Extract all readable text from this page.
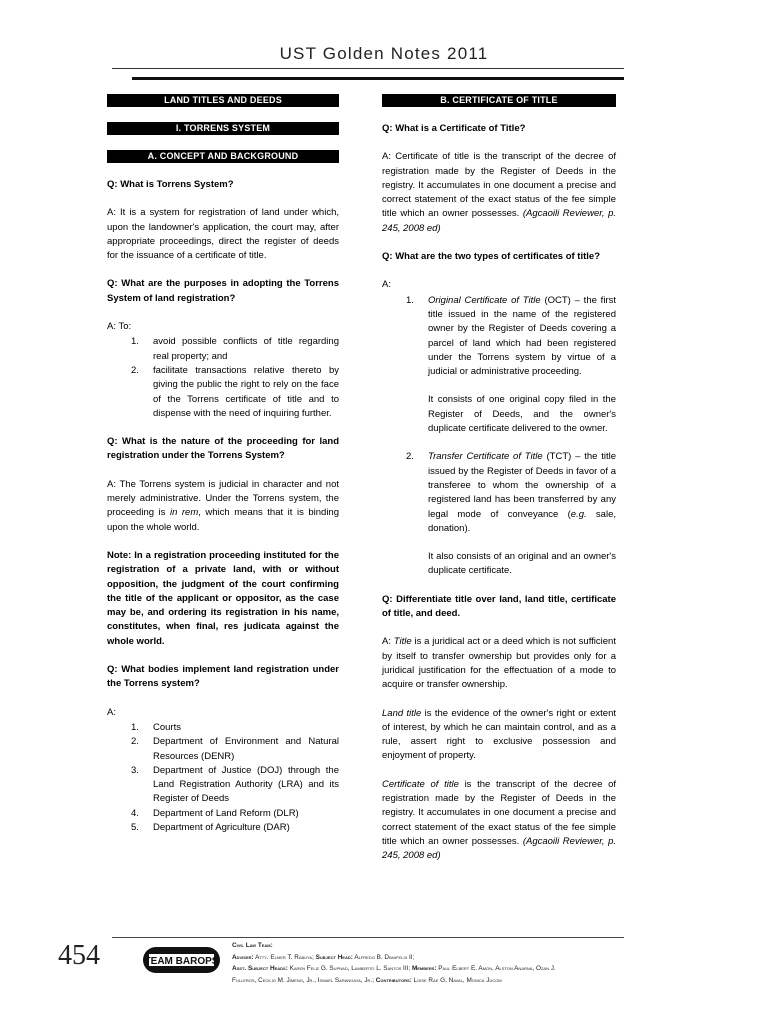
UST Golden Notes 2011
LAND TITLES AND DEEDS
I. TORRENS SYSTEM
A. CONCEPT AND BACKGROUND

Q: What is Torrens System?

A: It is a system for registration of land under which, upon the landowner's application, the court may, after appropriate proceedings, direct the register of deeds for the issuance of a certificate of title.

Q: What are the purposes in adopting the Torrens System of land registration?

A: To:

1. avoid possible conflicts of title regarding real property; and
2. facilitate transactions relative thereto by giving the public the right to rely on the face of the Torrens certificate of title and to dispense with the need of inquiring further.

Q: What is the nature of the proceeding for land registration under the Torrens System?

A: The Torrens system is judicial in character and not merely administrative. Under the Torrens system, the proceeding is in rem, which means that it is binding upon the whole world.

Note: In a registration proceeding instituted for the registration of a private land, with or without opposition, the judgment of the court confirming the title of the applicant or oppositor, as the case may be, and ordering its registration in his name, constitutes, when final, res judicata against the whole world.

Q: What bodies implement land registration under the Torrens system?

A:

1. Courts
2. Department of Environment and Natural Resources (DENR)
3. Department of Justice (DOJ) through the Land Registration Authority (LRA) and its Register of Deeds
4. Department of Land Reform (DLR)
5. Department of Agriculture (DAR)
B. CERTIFICATE OF TITLE

Q: What is a Certificate of Title?

A: Certificate of title is the transcript of the decree of registration made by the Register of Deeds in the registry. It accumulates in one document a precise and correct statement of the exact status of the fee simple title which an owner possesses. (Agcaoili Reviewer, p. 245, 2008 ed)

Q: What are the two types of certificates of title?

A:

1. Original Certificate of Title (OCT) – the first title issued in the name of the registered owner by the Register of Deeds covering a parcel of land which had been registered under the Torrens system by virtue of a judicial or administrative proceeding.

It consists of one original copy filed in the Register of Deeds, and the owner's duplicate certificate delivered to the owner.

2. Transfer Certificate of Title (TCT) – the title issued by the Register of Deeds in favor of a transferee to whom the ownership of a registered land has been transferred by any legal mode of conveyance (e.g. sale, donation).

It also consists of an original and an owner's duplicate certificate.

Q: Differentiate title over land, land title, certificate of title, and deed.

A: Title is a juridical act or a deed which is not sufficient by itself to transfer ownership but provides only for a juridical justification for the effectuation of a mode to acquire or transfer ownership.

Land title is the evidence of the owner's right or extent of interest, by which he can maintain control, and as a rule, assert right to exclusive possession and enjoyment of property.

Certificate of title is the transcript of the decree of registration made by the Register of Deeds in the registry. It accumulates in one document a precise and correct statement of the exact status of the fee simple title which an owner possesses. (Agcaoili Reviewer, p. 245, 2008 ed)

454	TEAM BAROPS
Civil Law Team:
Adviser: Atty. Elmer T. Rabuya; Subject Head: Alfredo B. Dimafelix II;
Asst. Subject Heads: Karen Feliz G. Supnad, Lamberto L. Santos III; Members: Paul Elbert E. Amon, Alston Anarna, Ozan J.
Fulleros, Cecilio M. Jimeno, Jr., Ismael Sarangaya, Jr.; Contributors: Loise Rae G. Naval, Monica Jucom
